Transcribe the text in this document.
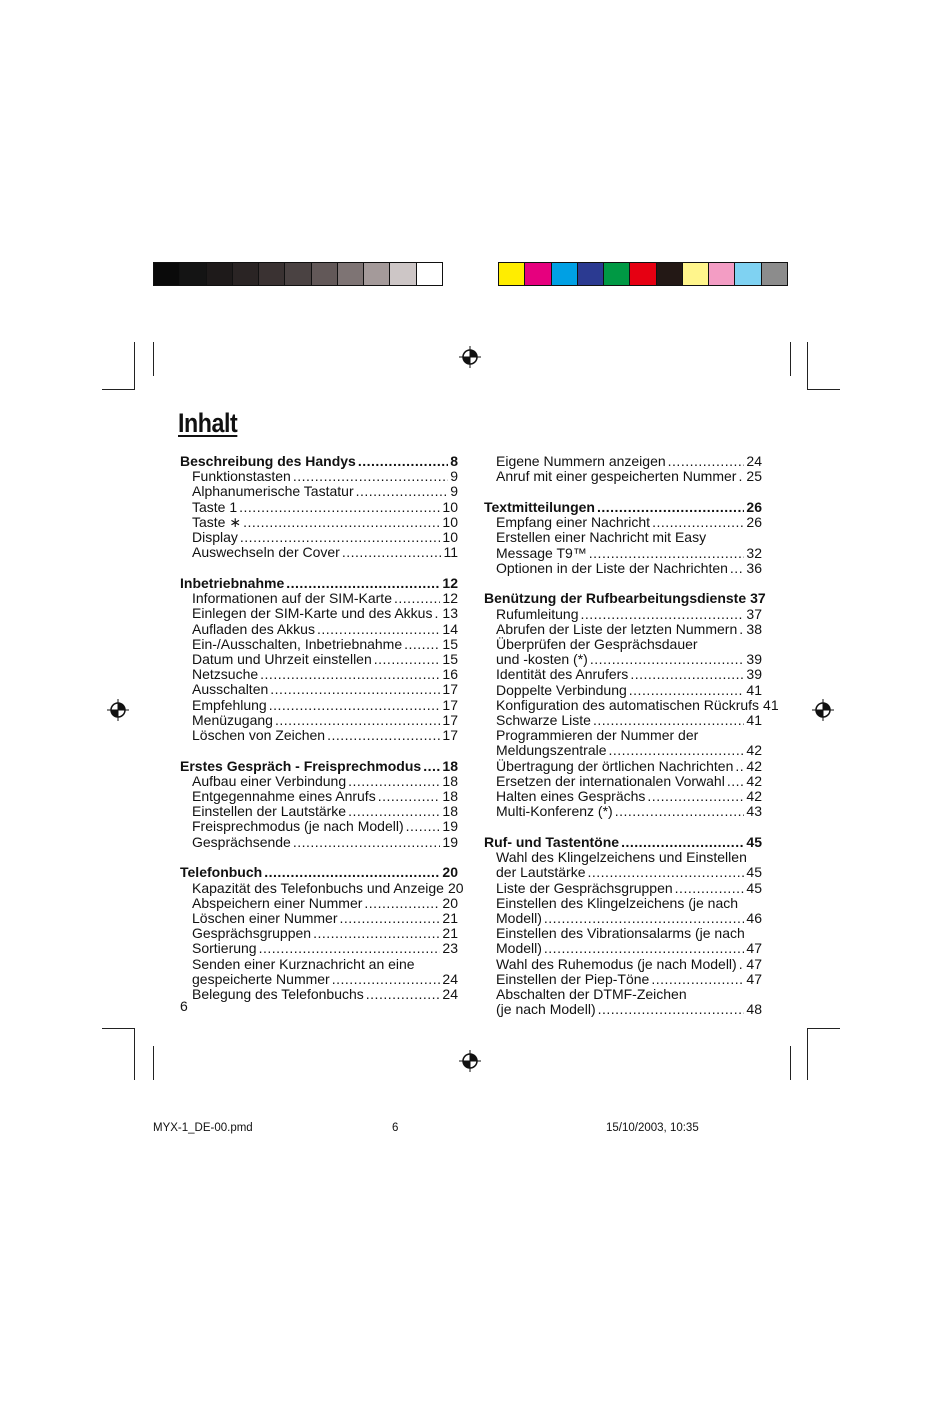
Inhalt
Beschreibung des Handys .....	8
Funktionstasten .....	9
Alphanumerische Tastatur .....	9
Taste 1 .....	10
Taste ∗ .....	10
Display .....	10
Auswechseln der Cover .....	11
Inbetriebnahme .....	12
Informationen auf der SIM-Karte .....	12
Einlegen der SIM-Karte und des Akkus ..... 13
Aufladen des Akkus .....	14
Ein-/Ausschalten, Inbetriebnahme .....	15
Datum und Uhrzeit einstellen .....	15
Netzsuche .....	16
Ausschalten .....	17
Empfehlung .....	17
Menüzugang .....	17
Löschen von Zeichen .....	17
Erstes Gespräch - Freisprechmodus ..... 18
Aufbau einer Verbindung .....	18
Entgegennahme eines Anrufs .....	18
Einstellen der Lautstärke .....	18
Freisprechmodus (je nach Modell) .....	19
Gesprächsende .....	19
Telefonbuch .....	20
Kapazität des Telefonbuchs und Anzeige 20
Abspeichern einer Nummer .....	20
Löschen einer Nummer .....	21
Gesprächsgruppen .....	21
Sortierung .....	23
Senden einer Kurznachricht an eine
gespeicherte Nummer .....	24
Belegung des Telefonbuchs .....	24
Eigene Nummern anzeigen .....	24
Anruf mit einer gespeicherten Nummer ..... 25
Textmitteilungen .....	26
Empfang einer Nachricht .....	26
Erstellen einer Nachricht mit Easy
Message T9™ .....	32
Optionen in der Liste der Nachrichten ..... 36
Benützung der Rufbearbeitungsdienste 37
Rufumleitung .....	37
Abrufen der Liste der letzten Nummern ..... 38
Überprüfen der Gesprächsdauer
und -kosten (*) .....	39
Identität des Anrufers .....	39
Doppelte Verbindung .....	41
Konfiguration des automatischen Rückrufs 41
Schwarze Liste .....	41
Programmieren der Nummer der
Meldungszentrale .....	42
Übertragung der örtlichen Nachrichten ..... 42
Ersetzen der internationalen Vorwahl ..... 42
Halten eines Gesprächs .....	42
Multi-Konferenz (*) .....	43
Ruf- und Tastentöne .....	45
Wahl des Klingelzeichens und Einstellen
der Lautstärke .....	45
Liste der Gesprächsgruppen .....	45
Einstellen des Klingelzeichens (je nach
Modell) .....	46
Einstellen des Vibrationsalarms (je nach
Modell) .....	47
Wahl des Ruhemodus (je nach Modell) ..... 47
Einstellen der Piep-Töne .....	47
Abschalten der DTMF-Zeichen
(je nach Modell) .....	48
6
MYX-1_DE-00.pmd	6	15/10/2003, 10:35
